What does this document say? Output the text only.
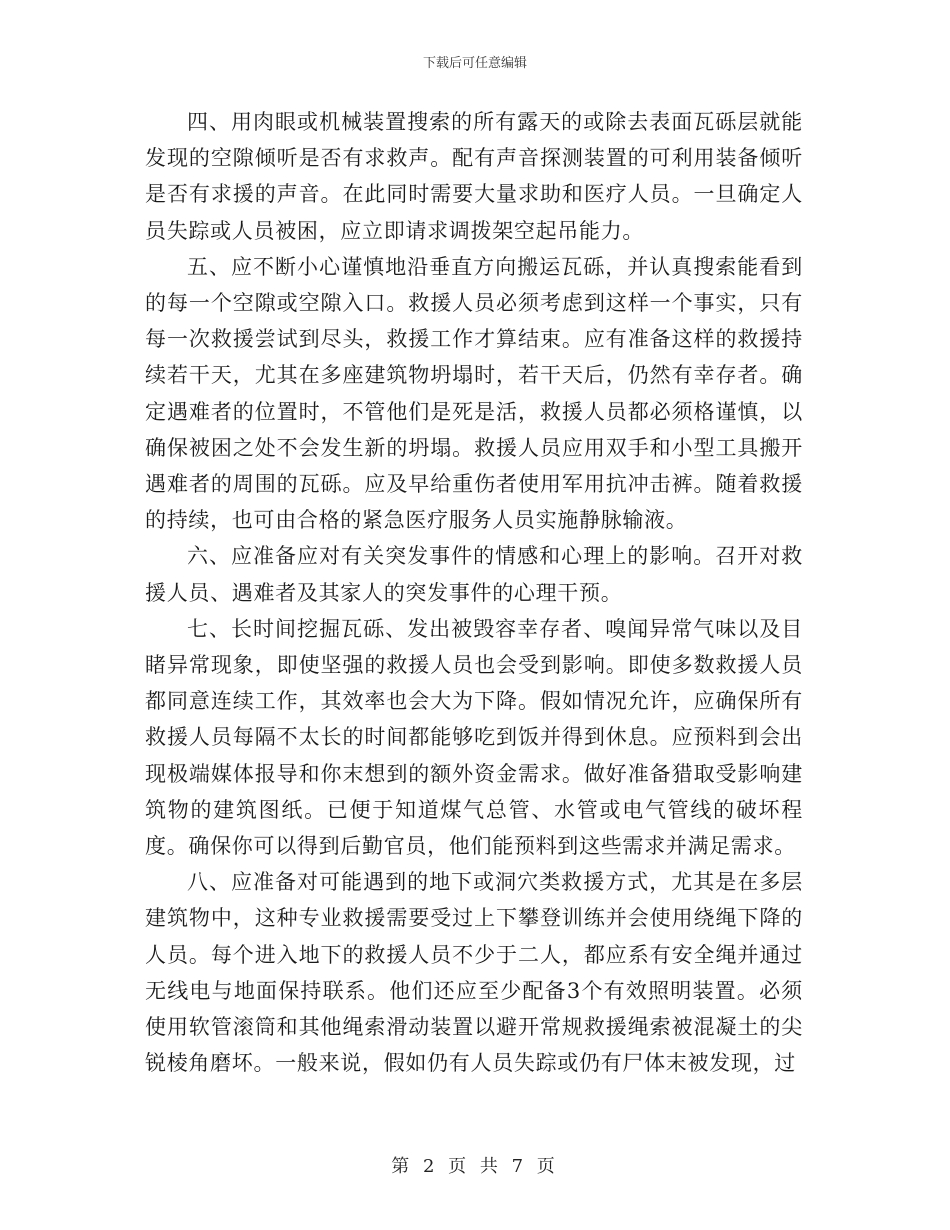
下载后可任意编辑

四、用肉眼或机械装置搜索的所有露天的或除去表面瓦砾层就能发现的空隙倾听是否有求救声。配有声音探测装置的可利用装备倾听是否有求援的声音。在此同时需要大量求助和医疗人员。一旦确定人员失踪或人员被困，应立即请求调拨架空起吊能力。

五、应不断小心谨慎地沿垂直方向搬运瓦砾，并认真搜索能看到的每一个空隙或空隙入口。救援人员必须考虑到这样一个事实，只有每一次救援尝试到尽头，救援工作才算结束。应有准备这样的救援持续若干天，尤其在多座建筑物坍塌时，若干天后，仍然有幸存者。确定遇难者的位置时，不管他们是死是活，救援人员都必须格谨慎，以确保被困之处不会发生新的坍塌。救援人员应用双手和小型工具搬开遇难者的周围的瓦砾。应及早给重伤者使用军用抗冲击裤。随着救援的持续，也可由合格的紧急医疗服务人员实施静脉输液。

六、应准备应对有关突发事件的情感和心理上的影响。召开对救援人员、遇难者及其家人的突发事件的心理干预。

七、长时间挖掘瓦砾、发出被毁容幸存者、嗅闻异常气味以及目睹异常现象，即使坚强的救援人员也会受到影响。即使多数救援人员都同意连续工作，其效率也会大为下降。假如情况允许，应确保所有救援人员每隔不太长的时间都能够吃到饭并得到休息。应预料到会出现极端媒体报导和你末想到的额外资金需求。做好准备猎取受影响建筑物的建筑图纸。已便于知道煤气总管、水管或电气管线的破坏程度。确保你可以得到后勤官员，他们能预料到这些需求并满足需求。

八、应准备对可能遇到的地下或洞穴类救援方式，尤其是在多层建筑物中，这种专业救援需要受过上下攀登训练并会使用绕绳下降的人员。每个进入地下的救援人员不少于二人，都应系有安全绳并通过无线电与地面保持联系。他们还应至少配备3个有效照明装置。必须使用软管滚筒和其他绳索滑动装置以避开常规救援绳索被混凝土的尖锐棱角磨坏。一般来说，假如仍有人员失踪或仍有尸体末被发现，过

第 2 页 共 7 页
